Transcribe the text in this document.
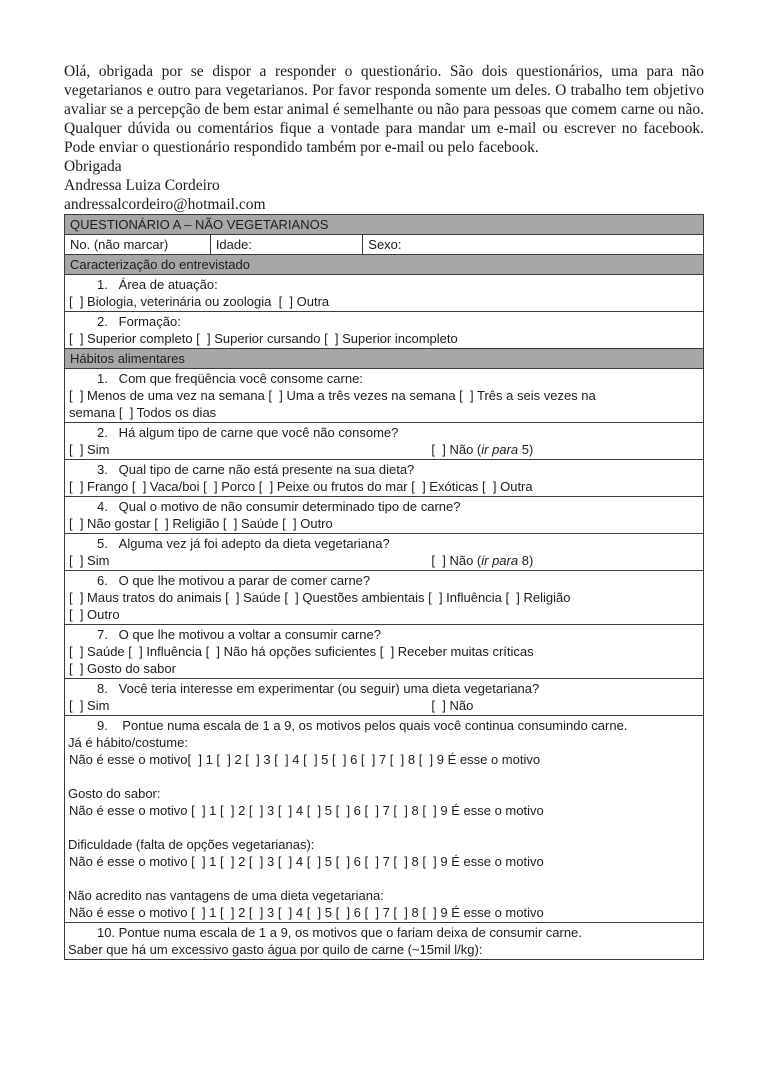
Olá, obrigada por se dispor a responder o questionário. São dois questionários, uma para não vegetarianos e outro para vegetarianos. Por favor responda somente um deles. O trabalho tem objetivo avaliar se a percepção de bem estar animal é semelhante ou não para pessoas que comem carne ou não. Qualquer dúvida ou comentários fique a vontade para mandar um e-mail ou escrever no facebook. Pode enviar o questionário respondido também por e-mail ou pelo facebook.
Obrigada
Andressa Luiza Cordeiro
andressalcordeiro@hotmail.com
QUESTIONÁRIO A – NÃO VEGETARIANOS
No. (não marcar)	Idade:	Sexo:
Caracterização do entrevistado
1.   Área de atuação:
[  ] Biologia, veterinária ou zoologia  [  ] Outra
2.   Formação:
[  ] Superior completo [  ] Superior cursando [  ] Superior incompleto
Hábitos alimentares
1.   Com que freqüência você consome carne:
[  ] Menos de uma vez na semana [  ] Uma a três vezes na semana [  ] Três a seis vezes na
semana [  ] Todos os dias
2.   Há algum tipo de carne que você não consome?
[  ] Sim	[  ] Não (ir para 5)
3.   Qual tipo de carne não está presente na sua dieta?
[  ] Frango [  ] Vaca/boi [  ] Porco [  ] Peixe ou frutos do mar [  ] Exóticas [  ] Outra
4.   Qual o motivo de não consumir determinado tipo de carne?
[  ] Não gostar [  ] Religião [  ] Saúde [  ] Outro
5.   Alguma vez já foi adepto da dieta vegetariana?
[  ] Sim	[  ] Não (ir para 8)
6.   O que lhe motivou a parar de comer carne?
[  ] Maus tratos do animais [  ] Saúde [  ] Questões ambientais [  ] Influência [  ] Religião
[  ] Outro
7.   O que lhe motivou a voltar a consumir carne?
[  ] Saúde [  ] Influência [  ] Não há opções suficientes [  ] Receber muitas críticas
[  ] Gosto do sabor
8.   Você teria interesse em experimentar (ou seguir) uma dieta vegetariana?
[  ] Sim	[  ] Não
9.    Pontue numa escala de 1 a 9, os motivos pelos quais você continua consumindo carne.
Já é hábito/costume:
Não é esse o motivo[  ] 1 [  ] 2 [  ] 3 [  ] 4 [  ] 5 [  ] 6 [  ] 7 [  ] 8 [  ] 9 É esse o motivo
Gosto do sabor:
Não é esse o motivo [  ] 1 [  ] 2 [  ] 3 [  ] 4 [  ] 5 [  ] 6 [  ] 7 [  ] 8 [  ] 9 É esse o motivo
Dificuldade (falta de opções vegetarianas):
Não é esse o motivo [  ] 1 [  ] 2 [  ] 3 [  ] 4 [  ] 5 [  ] 6 [  ] 7 [  ] 8 [  ] 9 É esse o motivo
Não acredito nas vantagens de uma dieta vegetariana:
Não é esse o motivo [  ] 1 [  ] 2 [  ] 3 [  ] 4 [  ] 5 [  ] 6 [  ] 7 [  ] 8 [  ] 9 É esse o motivo
10. Pontue numa escala de 1 a 9, os motivos que o fariam deixa de consumir carne.
Saber que há um excessivo gasto água por quilo de carne (~15mil l/kg):
